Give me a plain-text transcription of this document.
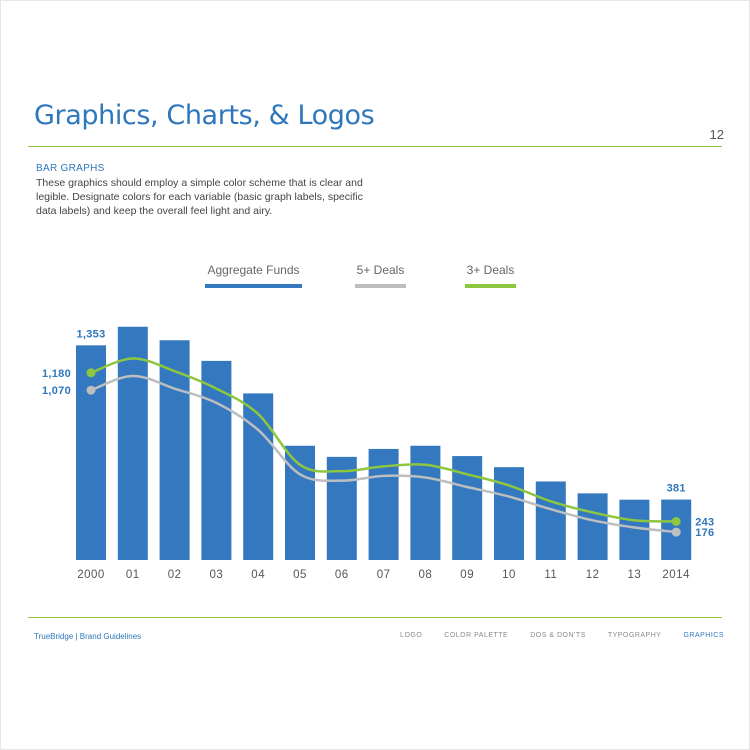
Graphics, Charts, & Logos
12
BAR GRAPHS

These graphics should employ a simple color scheme that is clear and legible. Designate colors for each variable (basic graph labels, specific data labels) and keep the overall feel light and airy.

Aggregate Funds	5+ Deals	3+ Deals
2000 01 02 03 04 05 06 07 08 09 10 11 12 13 2014
1,353
381
1,180
1,070
243
176
TrueBridge | Brand Guidelines	LOGO	COLOR PALETTE	DOS & DON'TS	TYPOGRAPHY	GRAPHICS
